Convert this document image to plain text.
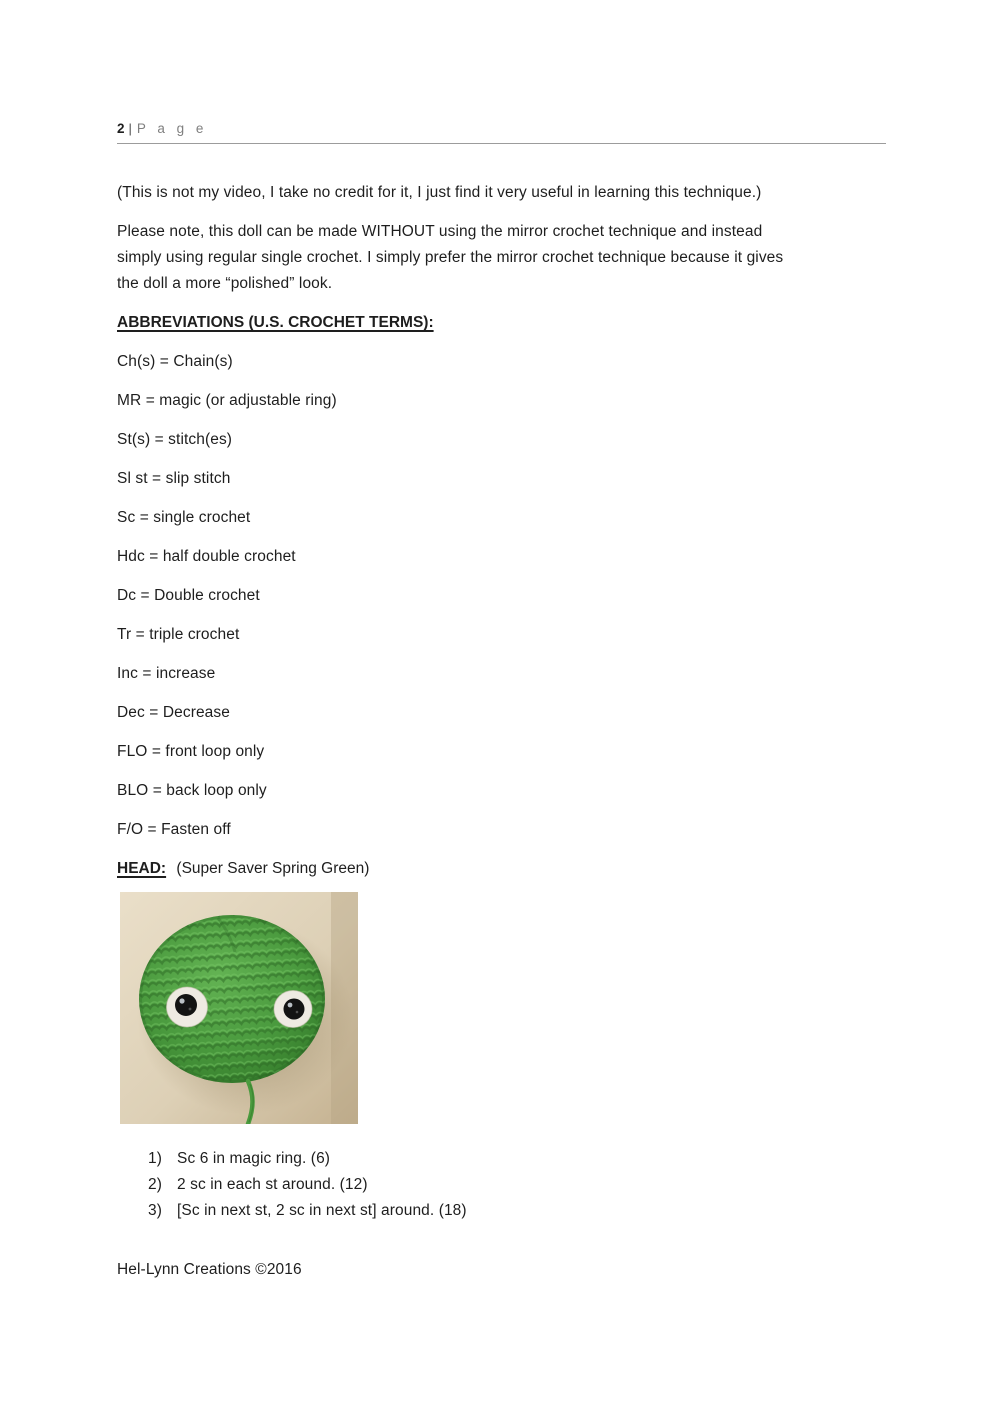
2 | P a g e

(This is not my video, I take no credit for it, I just find it very useful in learning this technique.)

Please note, this doll can be made WITHOUT using the mirror crochet technique and instead
simply using regular single crochet. I simply prefer the mirror crochet technique because it gives
the doll a more “polished” look.
ABBREVIATIONS (U.S. CROCHET TERMS):
Ch(s) = Chain(s)
MR = magic (or adjustable ring)
St(s) = stitch(es)
Sl st = slip stitch
Sc = single crochet
Hdc = half double crochet
Dc = Double crochet
Tr = triple crochet
Inc = increase
Dec = Decrease
FLO = front loop only
BLO = back loop only
F/O = Fasten off
HEAD: (Super Saver Spring Green)
1) Sc 6 in magic ring. (6)
2) 2 sc in each st around. (12)
3) [Sc in next st, 2 sc in next st] around. (18)
Hel-Lynn Creations ©2016
